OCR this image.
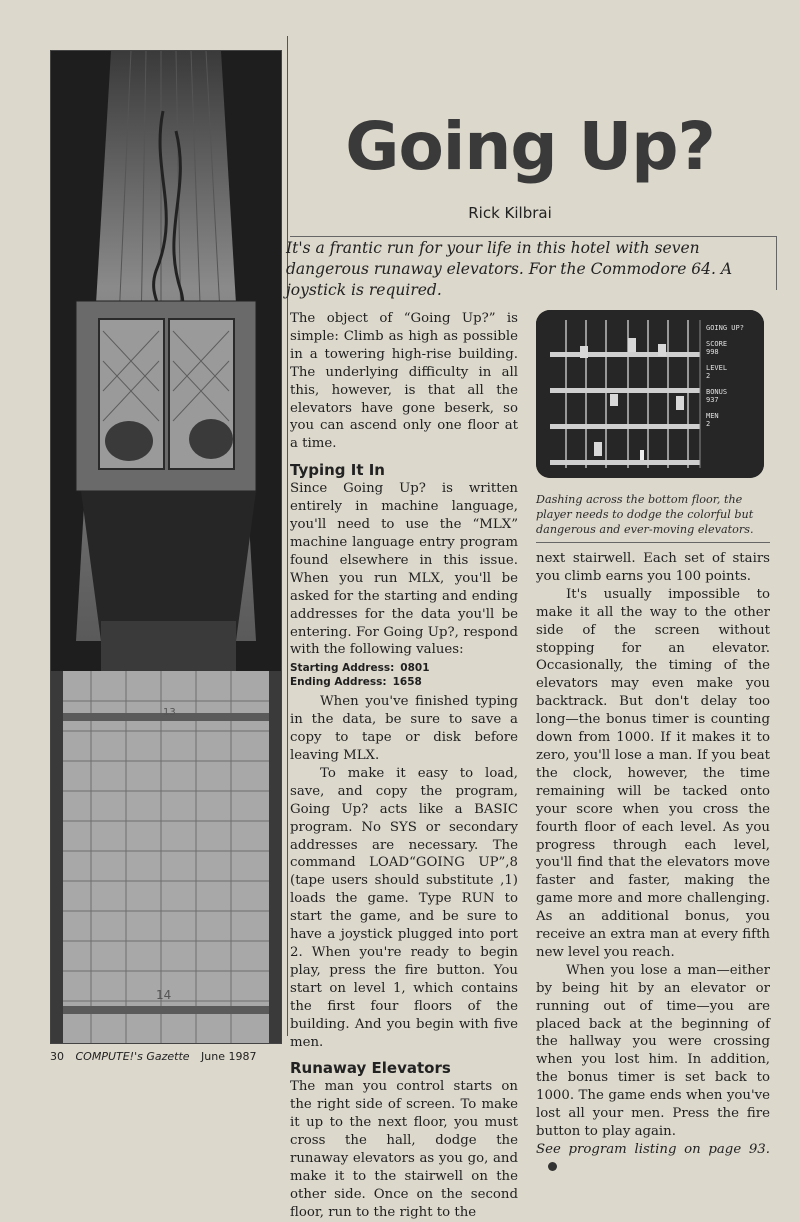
13
14
Going Up?
Rick Kilbrai
It's a frantic run for your life in this hotel with seven dangerous runaway elevators. For the Commodore 64. A joystick is required.

The object of “Going Up?” is simple: Climb as high as possible in a towering high-rise building. The underlying difficulty in all this, however, is that all the elevators have gone beserk, so you can ascend only one floor at a time.

Typing It In

Since Going Up? is written entirely in machine language, you'll need to use the “MLX” machine language entry program found elsewhere in this issue. When you run MLX, you'll be asked for the starting and ending addresses for the data you'll be entering. For Going Up?, respond with the following values:

Starting Address: 0801
Ending Address: 1658

When you've finished typing in the data, be sure to save a copy to tape or disk before leaving MLX.

To make it easy to load, save, and copy the program, Going Up? acts like a BASIC program. No SYS or secondary addresses are necessary. The command LOAD“GOING UP”,8 (tape users should substitute ,1) loads the game. Type RUN to start the game, and be sure to have a joystick plugged into port 2. When you're ready to begin play, press the fire button. You start on level 1, which contains the first four floors of the building. And you begin with five men.

Runaway Elevators

The man you control starts on the right side of screen. To make it up to the next floor, you must cross the hall, dodge the runaway elevators as you go, and make it to the stairwell on the other side. Once on the second floor, run to the right to the

GOING UP?
SCORE
998
LEVEL
2
BONUS
937
MEN
2
Dashing across the bottom floor, the player needs to dodge the colorful but dangerous and ever-moving elevators.

next stairwell. Each set of stairs you climb earns you 100 points.

It's usually impossible to make it all the way to the other side of the screen without stopping for an elevator. Occasionally, the timing of the elevators may even make you backtrack. But don't delay too long—the bonus timer is counting down from 1000. If it makes it to zero, you'll lose a man. If you beat the clock, however, the time remaining will be tacked onto your score when you cross the fourth floor of each level. As you progress through each level, you'll find that the elevators move faster and faster, making the game more and more challenging. As an additional bonus, you receive an extra man at every fifth new level you reach.

When you lose a man—either by being hit by an elevator or running out of time—you are placed back at the beginning of the hallway you were crossing when you lost him. In addition, the bonus timer is set back to 1000. The game ends when you've lost all your men. Press the fire button to play again.

See program listing on page 93.

30 COMPUTE!'s Gazette June 1987
